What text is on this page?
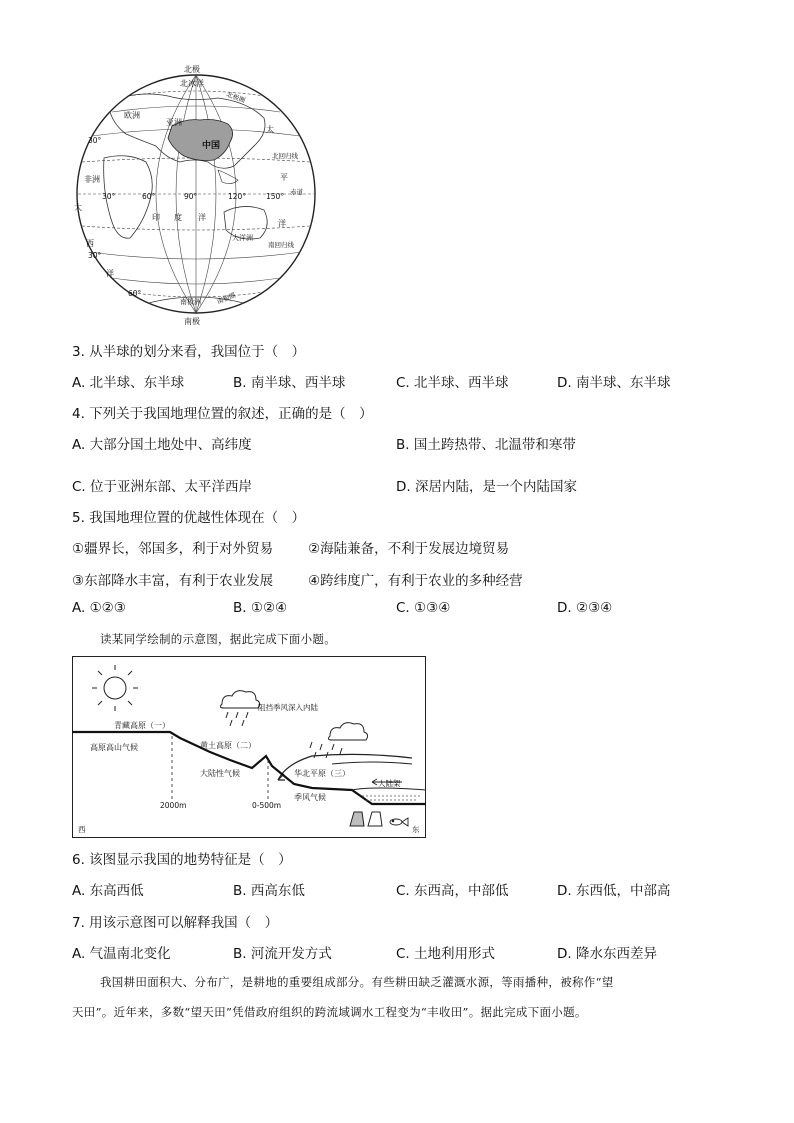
北极
北冰洋
北极圈
欧洲
亚洲
中国
太
北回归线
平
赤道
洋
30°
非洲
30°	60°	90°	120°	150°
大
印 度 洋
大洋洲
南回归线
西
30°
洋
60°
南极洲 南极圈
南极
3. 从半球的划分来看，我国位于（　）
A. 北半球、东半球	B. 南半球、西半球	C. 北半球、西半球	D. 南半球、东半球
4. 下列关于我国地理位置的叙述，正确的是（　）
A. 大部分国土地处中、高纬度	B. 国土跨热带、北温带和寒带
C. 位于亚洲东部、太平洋西岸	D. 深居内陆，是一个内陆国家
5. 我国地理位置的优越性体现在（　）
①疆界长，邻国多，利于对外贸易	②海陆兼备，不利于发展边境贸易
③东部降水丰富，有利于农业发展	④跨纬度广，有利于农业的多种经营
A. ①②③	B. ①②④	C. ①③④	D. ②③④
读某同学绘制的示意图，据此完成下面小题。
青藏高原（一）
高原高山气候
阻挡季风深入内陆
黄土高原（二）
大陆性气候	华北平原（三）
大陆架
季风气候
2000m	0-500m
西	东
6. 该图显示我国的地势特征是（　）
A. 东高西低	B. 西高东低	C. 东西高，中部低	D. 东西低，中部高
7. 用该示意图可以解释我国（　）
A. 气温南北变化	B. 河流开发方式	C. 土地利用形式	D. 降水东西差异
我国耕田面积大、分布广，是耕地的重要组成部分。有些耕田缺乏灌溉水源，等雨播种，被称作“望
天田”。近年来，多数“望天田”凭借政府组织的跨流域调水工程变为“丰收田”。据此完成下面小题。
